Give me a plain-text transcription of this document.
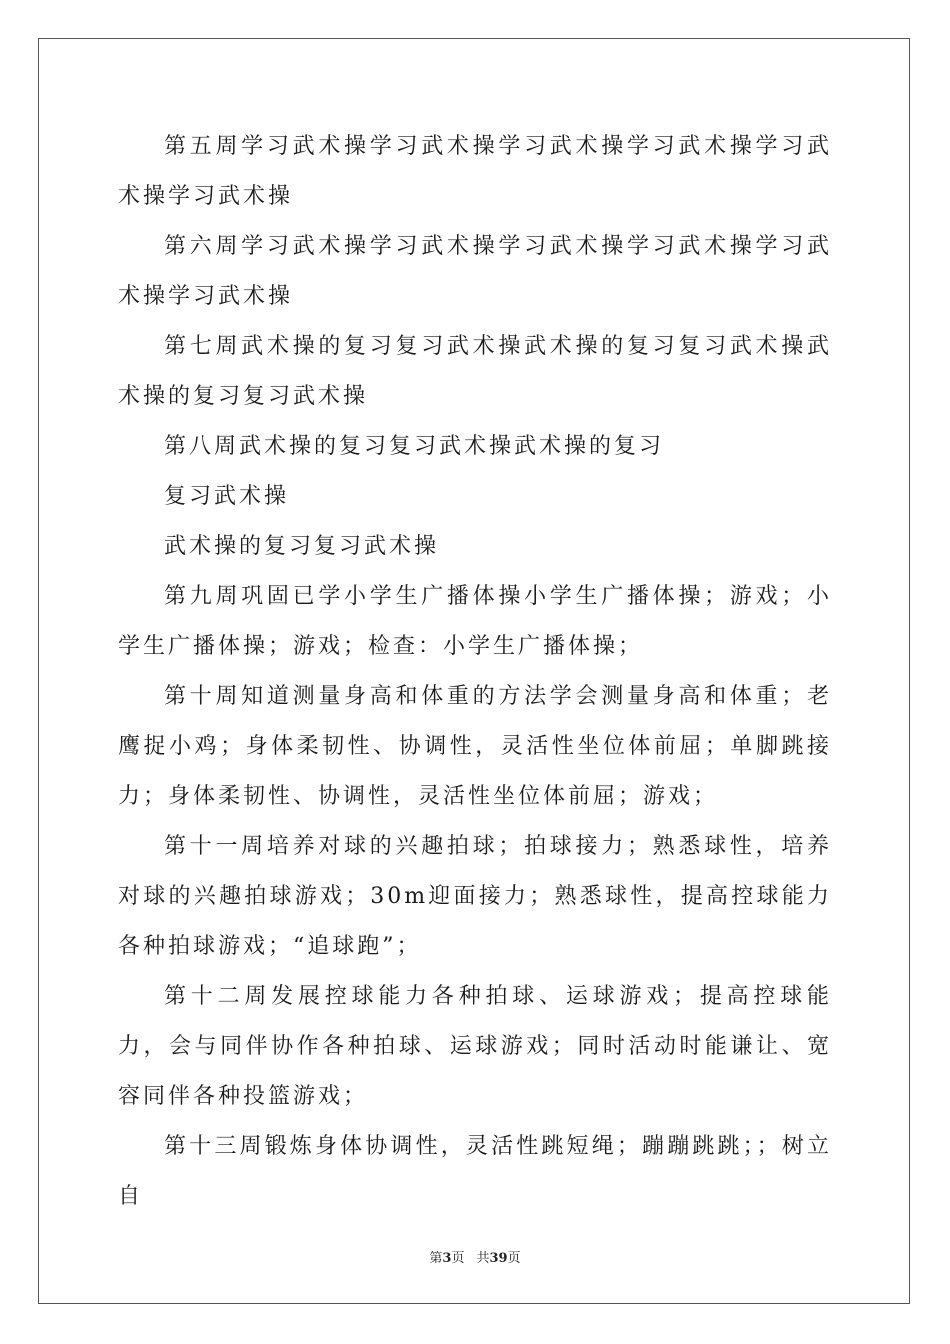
第五周学习武术操学习武术操学习武术操学习武术操学习武术操学习武术操

第六周学习武术操学习武术操学习武术操学习武术操学习武术操学习武术操

第七周武术操的复习复习武术操武术操的复习复习武术操武术操的复习复习武术操

第八周武术操的复习复习武术操武术操的复习

复习武术操

武术操的复习复习武术操

第九周巩固已学小学生广播体操小学生广播体操；游戏；小学生广播体操；游戏；检查：小学生广播体操；

第十周知道测量身高和体重的方法学会测量身高和体重；老鹰捉小鸡；身体柔韧性、协调性，灵活性坐位体前屈；单脚跳接力；身体柔韧性、协调性，灵活性坐位体前屈；游戏；

第十一周培养对球的兴趣拍球；拍球接力；熟悉球性，培养对球的兴趣拍球游戏；30m迎面接力；熟悉球性，提高控球能力各种拍球游戏；“追球跑”；

第十二周发展控球能力各种拍球、运球游戏；提高控球能力，会与同伴协作各种拍球、运球游戏；同时活动时能谦让、宽容同伴各种投篮游戏；

第十三周锻炼身体协调性，灵活性跳短绳；蹦蹦跳跳；；树立自

第3页 共39页
